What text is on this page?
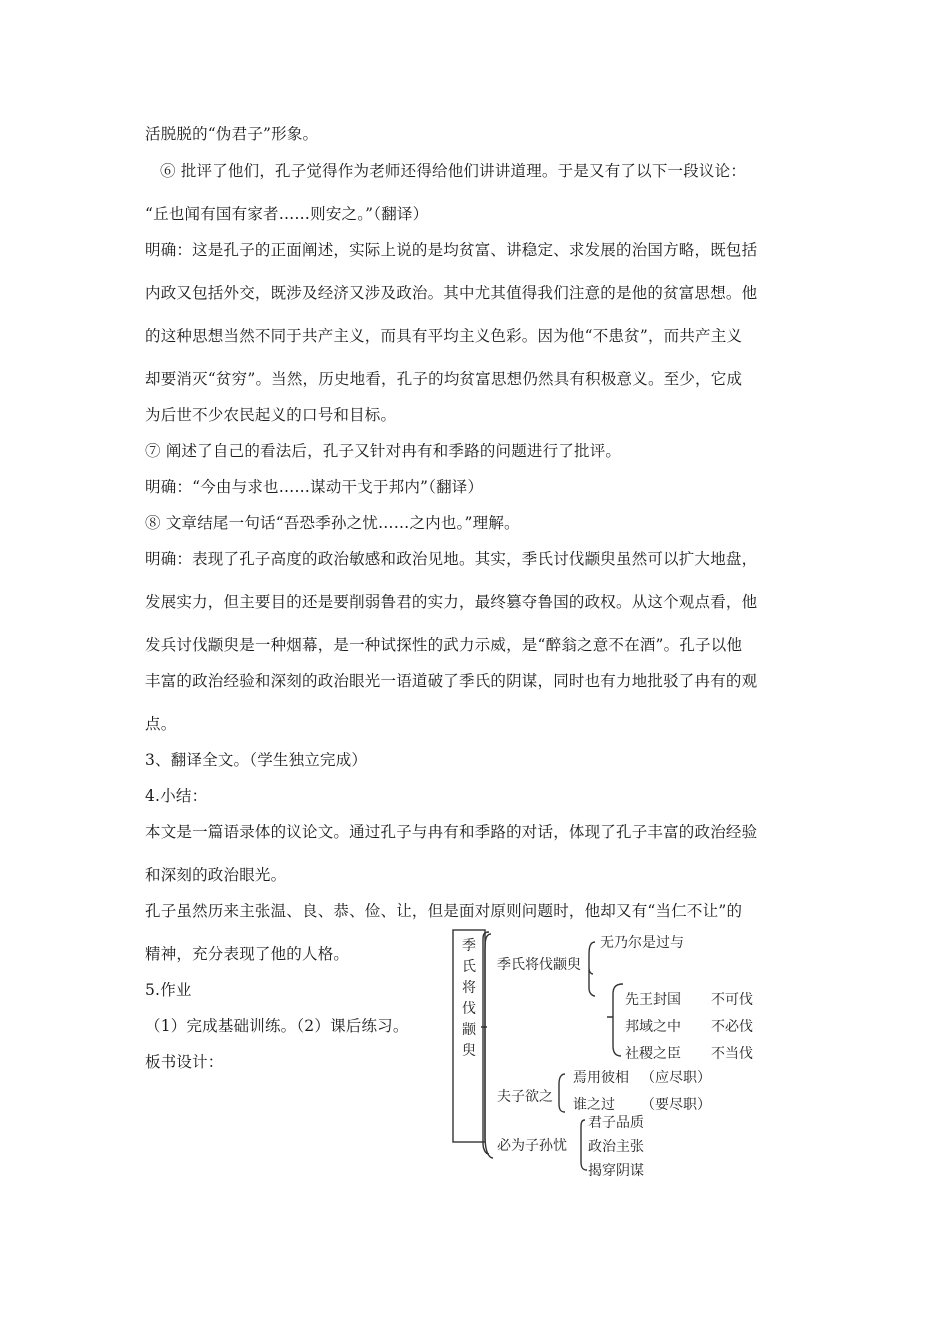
活脱脱的“伪君子”形象。
⑥ 批评了他们，孔子觉得作为老师还得给他们讲讲道理。于是又有了以下一段议论：
“丘也闻有国有家者……则安之。”（翻译）
明确：这是孔子的正面阐述，实际上说的是均贫富、讲稳定、求发展的治国方略，既包括
内政又包括外交，既涉及经济又涉及政治。其中尤其值得我们注意的是他的贫富思想。他
的这种思想当然不同于共产主义，而具有平均主义色彩。因为他“不患贫”，而共产主义
却要消灭“贫穷”。当然，历史地看，孔子的均贫富思想仍然具有积极意义。至少，它成
为后世不少农民起义的口号和目标。
⑦ 阐述了自己的看法后，孔子又针对冉有和季路的问题进行了批评。
明确：“今由与求也……谋动干戈于邦内”（翻译）
⑧ 文章结尾一句话“吾恐季孙之忧……之内也。”理解。
明确：表现了孔子高度的政治敏感和政治见地。其实，季氏讨伐颛臾虽然可以扩大地盘，
发展实力，但主要目的还是要削弱鲁君的实力，最终篡夺鲁国的政权。从这个观点看，他
发兵讨伐颛臾是一种烟幕，是一种试探性的武力示威，是“醉翁之意不在酒”。孔子以他
丰富的政治经验和深刻的政治眼光一语道破了季氏的阴谋，同时也有力地批驳了冉有的观
点。
3、翻译全文。（学生独立完成）
4.小结：
本文是一篇语录体的议论文。通过孔子与冉有和季路的对话，体现了孔子丰富的政治经验
和深刻的政治眼光。
孔子虽然历来主张温、良、恭、俭、让，但是面对原则问题时，他却又有“当仁不让”的
精神，充分表现了他的人格。
5.作业
（1）完成基础训练。（2）课后练习。
板书设计：
季氏将伐颛臾
季氏将伐颛臾
无乃尔是过与
先王封国 不可伐
邦域之中 不必伐
社稷之臣 不当伐
夫子欲之
焉用彼相 （应尽职）
谁之过 （要尽职）
必为子孙忧
君子品质
政治主张
揭穿阴谋
